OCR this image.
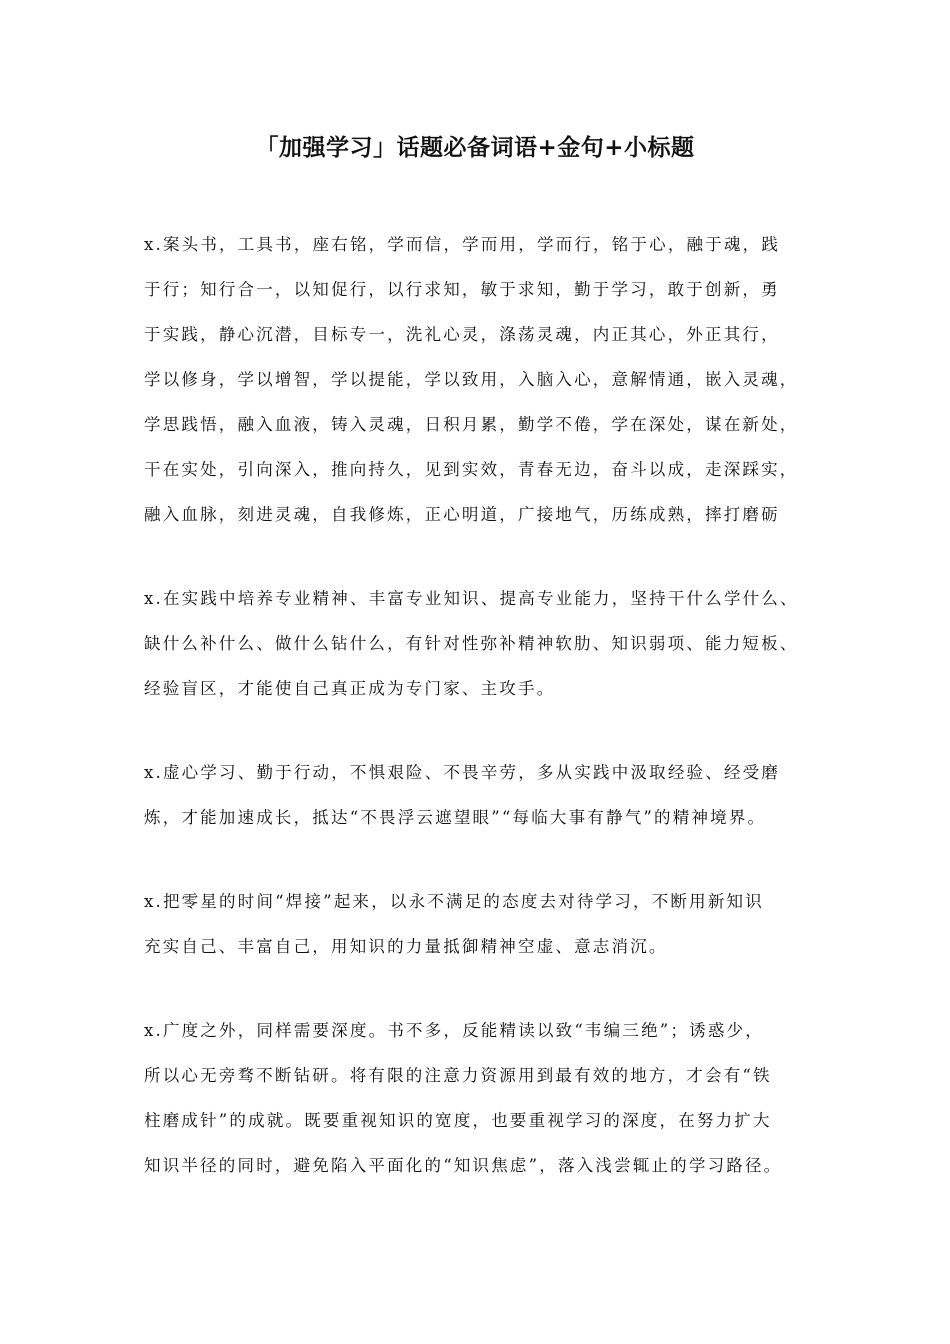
「加强学习」话题必备词语+金句+小标题

x.案头书，工具书，座右铭，学而信，学而用，学而行，铭于心，融于魂，践
于行；知行合一，以知促行，以行求知，敏于求知，勤于学习，敢于创新，勇
于实践，静心沉潜，目标专一，洗礼心灵，涤荡灵魂，内正其心，外正其行，
学以修身，学以增智，学以提能，学以致用，入脑入心，意解情通，嵌入灵魂，
学思践悟，融入血液，铸入灵魂，日积月累，勤学不倦，学在深处，谋在新处，
干在实处，引向深入，推向持久，见到实效，青春无边，奋斗以成，走深踩实，
融入血脉，刻进灵魂，自我修炼，正心明道，广接地气，历练成熟，摔打磨砺

x.在实践中培养专业精神、丰富专业知识、提高专业能力，坚持干什么学什么、
缺什么补什么、做什么钻什么，有针对性弥补精神软肋、知识弱项、能力短板、
经验盲区，才能使自己真正成为专门家、主攻手。

x.虚心学习、勤于行动，不惧艰险、不畏辛劳，多从实践中汲取经验、经受磨
炼，才能加速成长，抵达“不畏浮云遮望眼”“每临大事有静气”的精神境界。

x.把零星的时间“焊接”起来，以永不满足的态度去对待学习，不断用新知识
充实自己、丰富自己，用知识的力量抵御精神空虚、意志消沉。

x.广度之外，同样需要深度。书不多，反能精读以致“韦编三绝”；诱惑少，
所以心无旁骛不断钻研。将有限的注意力资源用到最有效的地方，才会有“铁
柱磨成针”的成就。既要重视知识的宽度，也要重视学习的深度，在努力扩大
知识半径的同时，避免陷入平面化的“知识焦虑”，落入浅尝辄止的学习路径。
